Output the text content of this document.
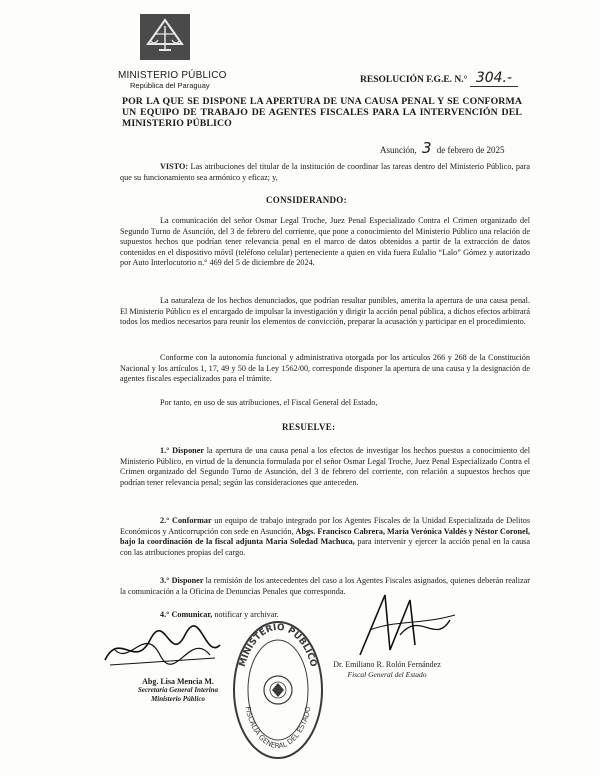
MINISTERIO PÚBLICO
República del Paraguay
RESOLUCIÓN F.G.E. N.° 304.-
POR LA QUE SE DISPONE LA APERTURA DE UNA CAUSA PENAL Y SE CONFORMA UN EQUIPO DE TRABAJO DE AGENTES FISCALES PARA LA INTERVENCIÓN DEL MINISTERIO PÚBLICO
Asunción, 3 de febrero de 2025
VISTO: Las atribuciones del titular de la institución de coordinar las tareas dentro del Ministerio Público, para que su funcionamiento sea armónico y eficaz; y,
CONSIDERANDO:
La comunicación del señor Osmar Legal Troche, Juez Penal Especializado Contra el Crimen organizado del Segundo Turno de Asunción, del 3 de febrero del corriente, que pone a conocimiento del Ministerio Público una relación de supuestos hechos que podrían tener relevancia penal en el marco de datos obtenidos a partir de la extracción de datos contenidos en el dispositivo móvil (teléfono celular) perteneciente a quien en vida fuera Eulalio “Lalo” Gómez y autorizado por Auto Interlocutorio n.° 469 del 5 de diciembre de 2024.
La naturaleza de los hechos denunciados, que podrían resultar punibles, amerita la apertura de una causa penal. El Ministerio Público es el encargado de impulsar la investigación y dirigir la acción penal pública, a dichos efectos arbitrará todos los medios necesarios para reunir los elementos de convicción, preparar la acusación y participar en el procedimiento.
Conforme con la autonomía funcional y administrativa otorgada por los artículos 266 y 268 de la Constitución Nacional y los artículos 1, 17, 49 y 50 de la Ley 1562/00, corresponde disponer la apertura de una causa y la designación de agentes fiscales especializados para el trámite.
Por tanto, en uso de sus atribuciones, el Fiscal General del Estado,
RESUELVE:
1.° Disponer la apertura de una causa penal a los efectos de investigar los hechos puestos a conocimiento del Ministerio Público, en virtud de la denuncia formulada por el señor Osmar Legal Troche, Juez Penal Especializado Contra el Crimen organizado del Segundo Turno de Asunción, del 3 de febrero del corriente, con relación a supuestos hechos que podrían tener relevancia penal; según las consideraciones que anteceden.
2.° Conformar un equipo de trabajo integrado por los Agentes Fiscales de la Unidad Especializada de Delitos Económicos y Anticorrupción con sede en Asunción, Abgs. Francisco Cabrera, María Verónica Valdés y Néstor Coronel, bajo la coordinación de la fiscal adjunta María Soledad Machuca, para intervenir y ejercer la acción penal en la causa con las atribuciones propias del cargo.
3.° Disponer la remisión de los antecedentes del caso a los Agentes Fiscales asignados, quienes deberán realizar la comunicación a la Oficina de Denuncias Penales que corresponda.
4.° Comunicar, notificar y archivar.
Abg. Lisa Mencia M.
Secretaria General Interina
Ministerio Público
MINISTERIO PÚBLICO
FISCALÍA GENERAL DEL ESTADO
Dr. Emiliano R. Rolón Fernández
Fiscal General del Estado
